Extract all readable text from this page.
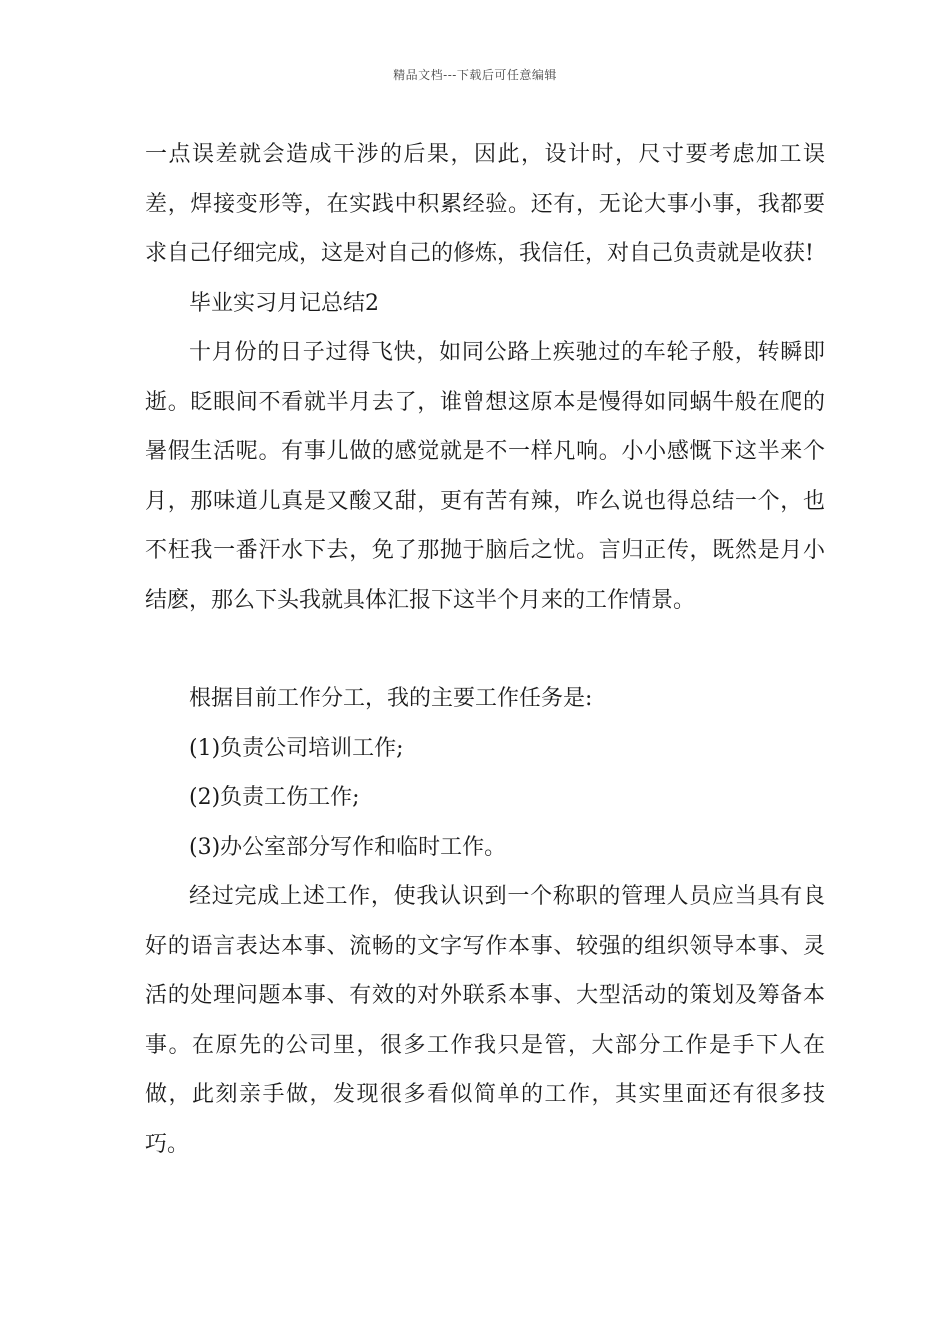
精品文档---下载后可任意编辑

一点误差就会造成干涉的后果，因此，设计时，尺寸要考虑加工误差，焊接变形等，在实践中积累经验。还有，无论大事小事，我都要求自己仔细完成，这是对自己的修炼，我信任，对自己负责就是收获!

毕业实习月记总结2

十月份的日子过得飞快，如同公路上疾驰过的车轮子般，转瞬即逝。眨眼间不看就半月去了，谁曾想这原本是慢得如同蜗牛般在爬的暑假生活呢。有事儿做的感觉就是不一样凡响。小小感慨下这半来个月，那味道儿真是又酸又甜，更有苦有辣，咋么说也得总结一个，也不枉我一番汗水下去，免了那抛于脑后之忧。言归正传，既然是月小结麽，那么下头我就具体汇报下这半个月来的工作情景。

根据目前工作分工，我的主要工作任务是:

(1)负责公司培训工作;

(2)负责工伤工作;

(3)办公室部分写作和临时工作。

经过完成上述工作，使我认识到一个称职的管理人员应当具有良好的语言表达本事、流畅的文字写作本事、较强的组织领导本事、灵活的处理问题本事、有效的对外联系本事、大型活动的策划及筹备本事。在原先的公司里，很多工作我只是管，大部分工作是手下人在做，此刻亲手做，发现很多看似简单的工作，其实里面还有很多技巧。
